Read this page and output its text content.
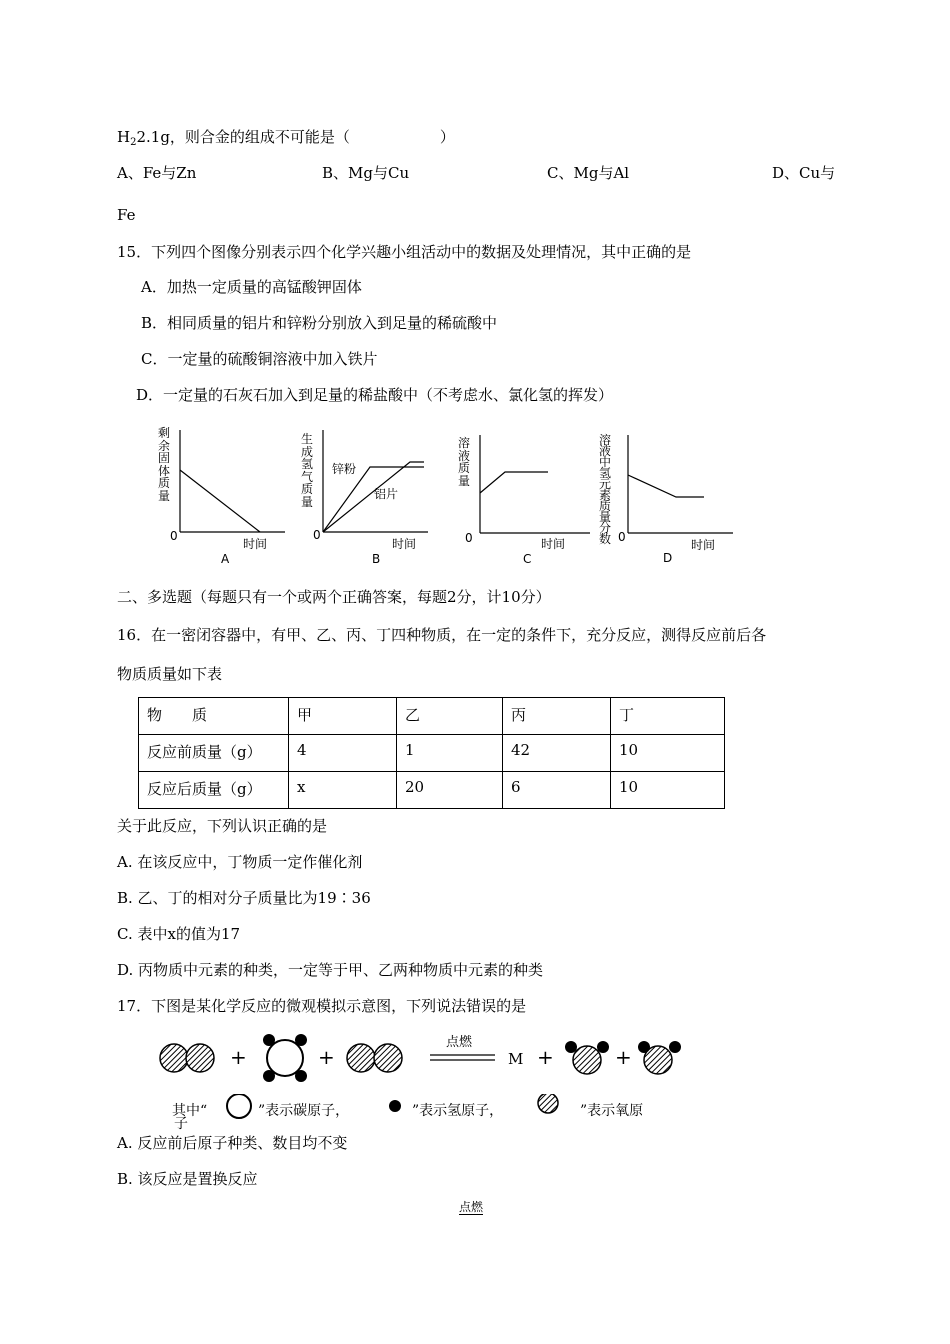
$H_22.1g$，则合金的组成不可能是（　　　　　　）
A、Fe与Zn	B、Mg与Cu	C、Mg与Al	D、Cu与
Fe
15．下列四个图像分别表示四个化学兴趣小组活动中的数据及处理情况，其中正确的是
A．加热一定质量的高锰酸钾固体
B．相同质量的铝片和锌粉分别放入到足量的稀硫酸中
C．一定量的硫酸铜溶液中加入铁片
D．一定量的石灰石加入到足量的稀盐酸中（不考虑水、氯化氢的挥发）
剩余固体质量
0
时间
A
生成氢气质量
锌粉
铝片
0
时间
B
溶液质量
0	时间
C
溶液中氢元素质量分数 0
时间
D
二、多选题（每题只有一个或两个正确答案，每题2分，计10分）
16．在一密闭容器中，有甲、乙、丙、丁四种物质，在一定的条件下，充分反应，测得反应前后各
物质质量如下表
物　　质	甲	乙	丙	丁
反应前质量（g）	4	1	42	10
反应后质量（g）	x	20	6	10
关于此反应，下列认识正确的是
A. 在该反应中，丁物质一定作催化剂
B. 乙、丁的相对分子质量比为19∶36
C. 表中x的值为17
D. 丙物质中元素的种类，一定等于甲、乙两种物质中元素的种类
17．下图是某化学反应的微观模拟示意图，下列说法错误的是
+	+
点燃
M +	+
其中“	”表示碳原子，	”表示氢原子，	”表示氧原
子
A. 反应前后原子种类、数目均不变
B. 该反应是置换反应
点燃
